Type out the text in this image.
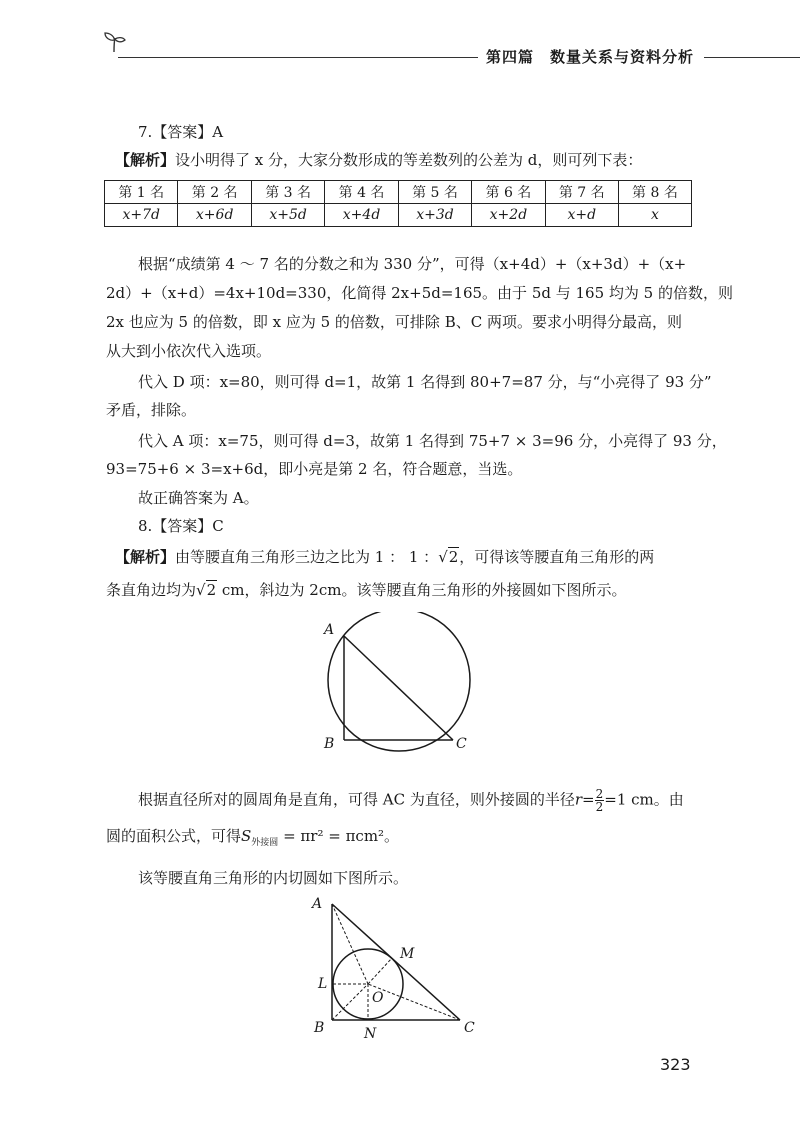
第四篇　数量关系与资料分析
7.【答案】A
【解析】设小明得了 x 分，大家分数形成的等差数列的公差为 d，则可列下表：
第 1 名	第 2 名	第 3 名	第 4 名	第 5 名	第 6 名	第 7 名	第 8 名
x+7d	x+6d	x+5d	x+4d	x+3d	x+2d	x+d	x
根据“成绩第 4 ～ 7 名的分数之和为 330 分”，可得（x+4d）+（x+3d）+（x+
2d）+（x+d）=4x+10d=330，化简得 2x+5d=165。由于 5d 与 165 均为 5 的倍数，则
2x 也应为 5 的倍数，即 x 应为 5 的倍数，可排除 B、C 两项。要求小明得分最高，则
从大到小依次代入选项。
代入 D 项：x=80，则可得 d=1，故第 1 名得到 80+7=87 分，与“小亮得了 93 分”
矛盾，排除。
代入 A 项：x=75，则可得 d=3，故第 1 名得到 75+7 × 3=96 分，小亮得了 93 分，
93=75+6 × 3=x+6d，即小亮是第 2 名，符合题意，当选。
故正确答案为 A。
8.【答案】C
【解析】由等腰直角三角形三边之比为 1 ： 1 ：√2，可得该等腰直角三角形的两
条直角边均为√2 cm，斜边为 2cm。该等腰直角三角形的外接圆如下图所示。
A
B	C
根据直径所对的圆周角是直角，可得 AC 为直径，则外接圆的半径$r= \frac{2}{2} =1$ cm。由
圆的面积公式，可得$S_{外接圆} = \pi r^2 = \pi cm^2$。
该等腰直角三角形的内切圆如下图所示。
A
B	C
L
M
N
O
323
